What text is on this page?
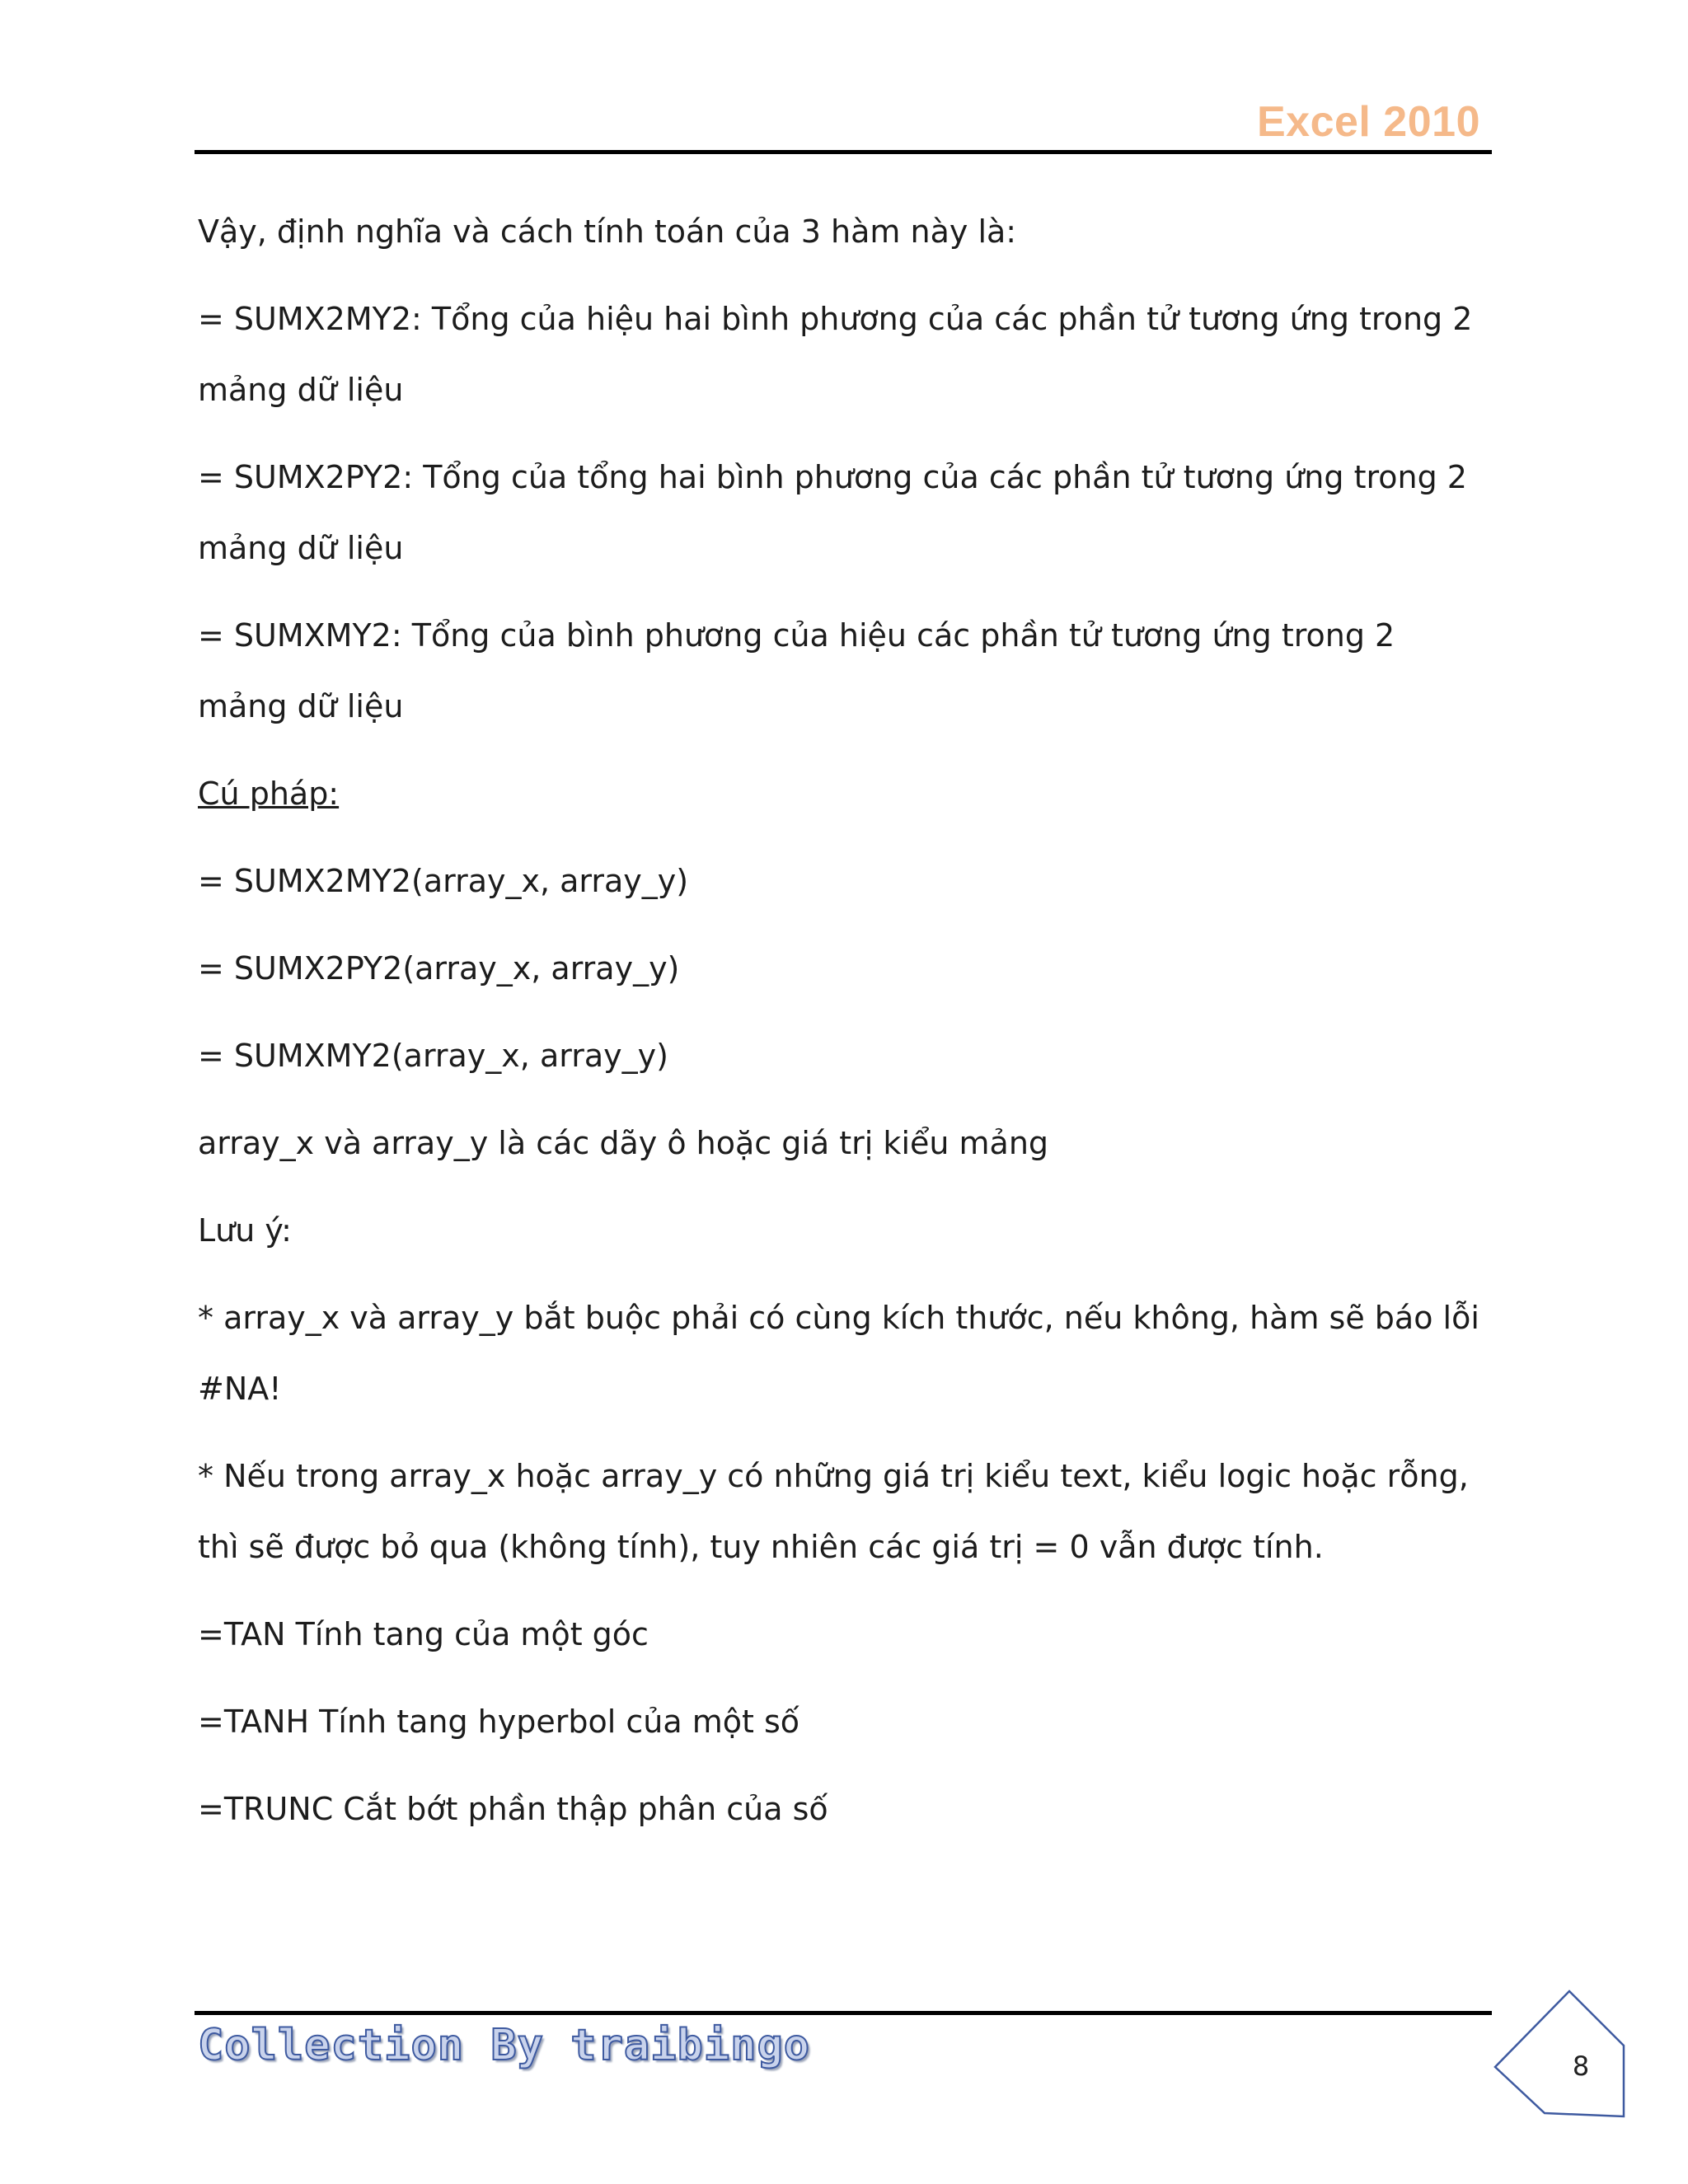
Excel 2010
Vậy, định nghĩa và cách tính toán của 3 hàm này là:
= SUMX2MY2: Tổng của hiệu hai bình phương của các phần tử tương ứng trong 2
mảng dữ liệu
= SUMX2PY2: Tổng của tổng hai bình phương của các phần tử tương ứng trong 2
mảng dữ liệu
= SUMXMY2: Tổng của bình phương của hiệu các phần tử tương ứng trong 2
mảng dữ liệu
Cú pháp:
= SUMX2MY2(array_x, array_y)
= SUMX2PY2(array_x, array_y)
= SUMXMY2(array_x, array_y)
array_x và array_y là các dãy ô hoặc giá trị kiểu mảng
Lưu ý:
* array_x và array_y bắt buộc phải có cùng kích thước, nếu không, hàm sẽ báo lỗi
#NA!
* Nếu trong array_x hoặc array_y có những giá trị kiểu text, kiểu logic hoặc rỗng,
thì sẽ được bỏ qua (không tính), tuy nhiên các giá trị = 0 vẫn được tính.
=TAN Tính tang của một góc
=TANH Tính tang hyperbol của một số
=TRUNC Cắt bớt phần thập phân của số
Collection By traibingo	8
